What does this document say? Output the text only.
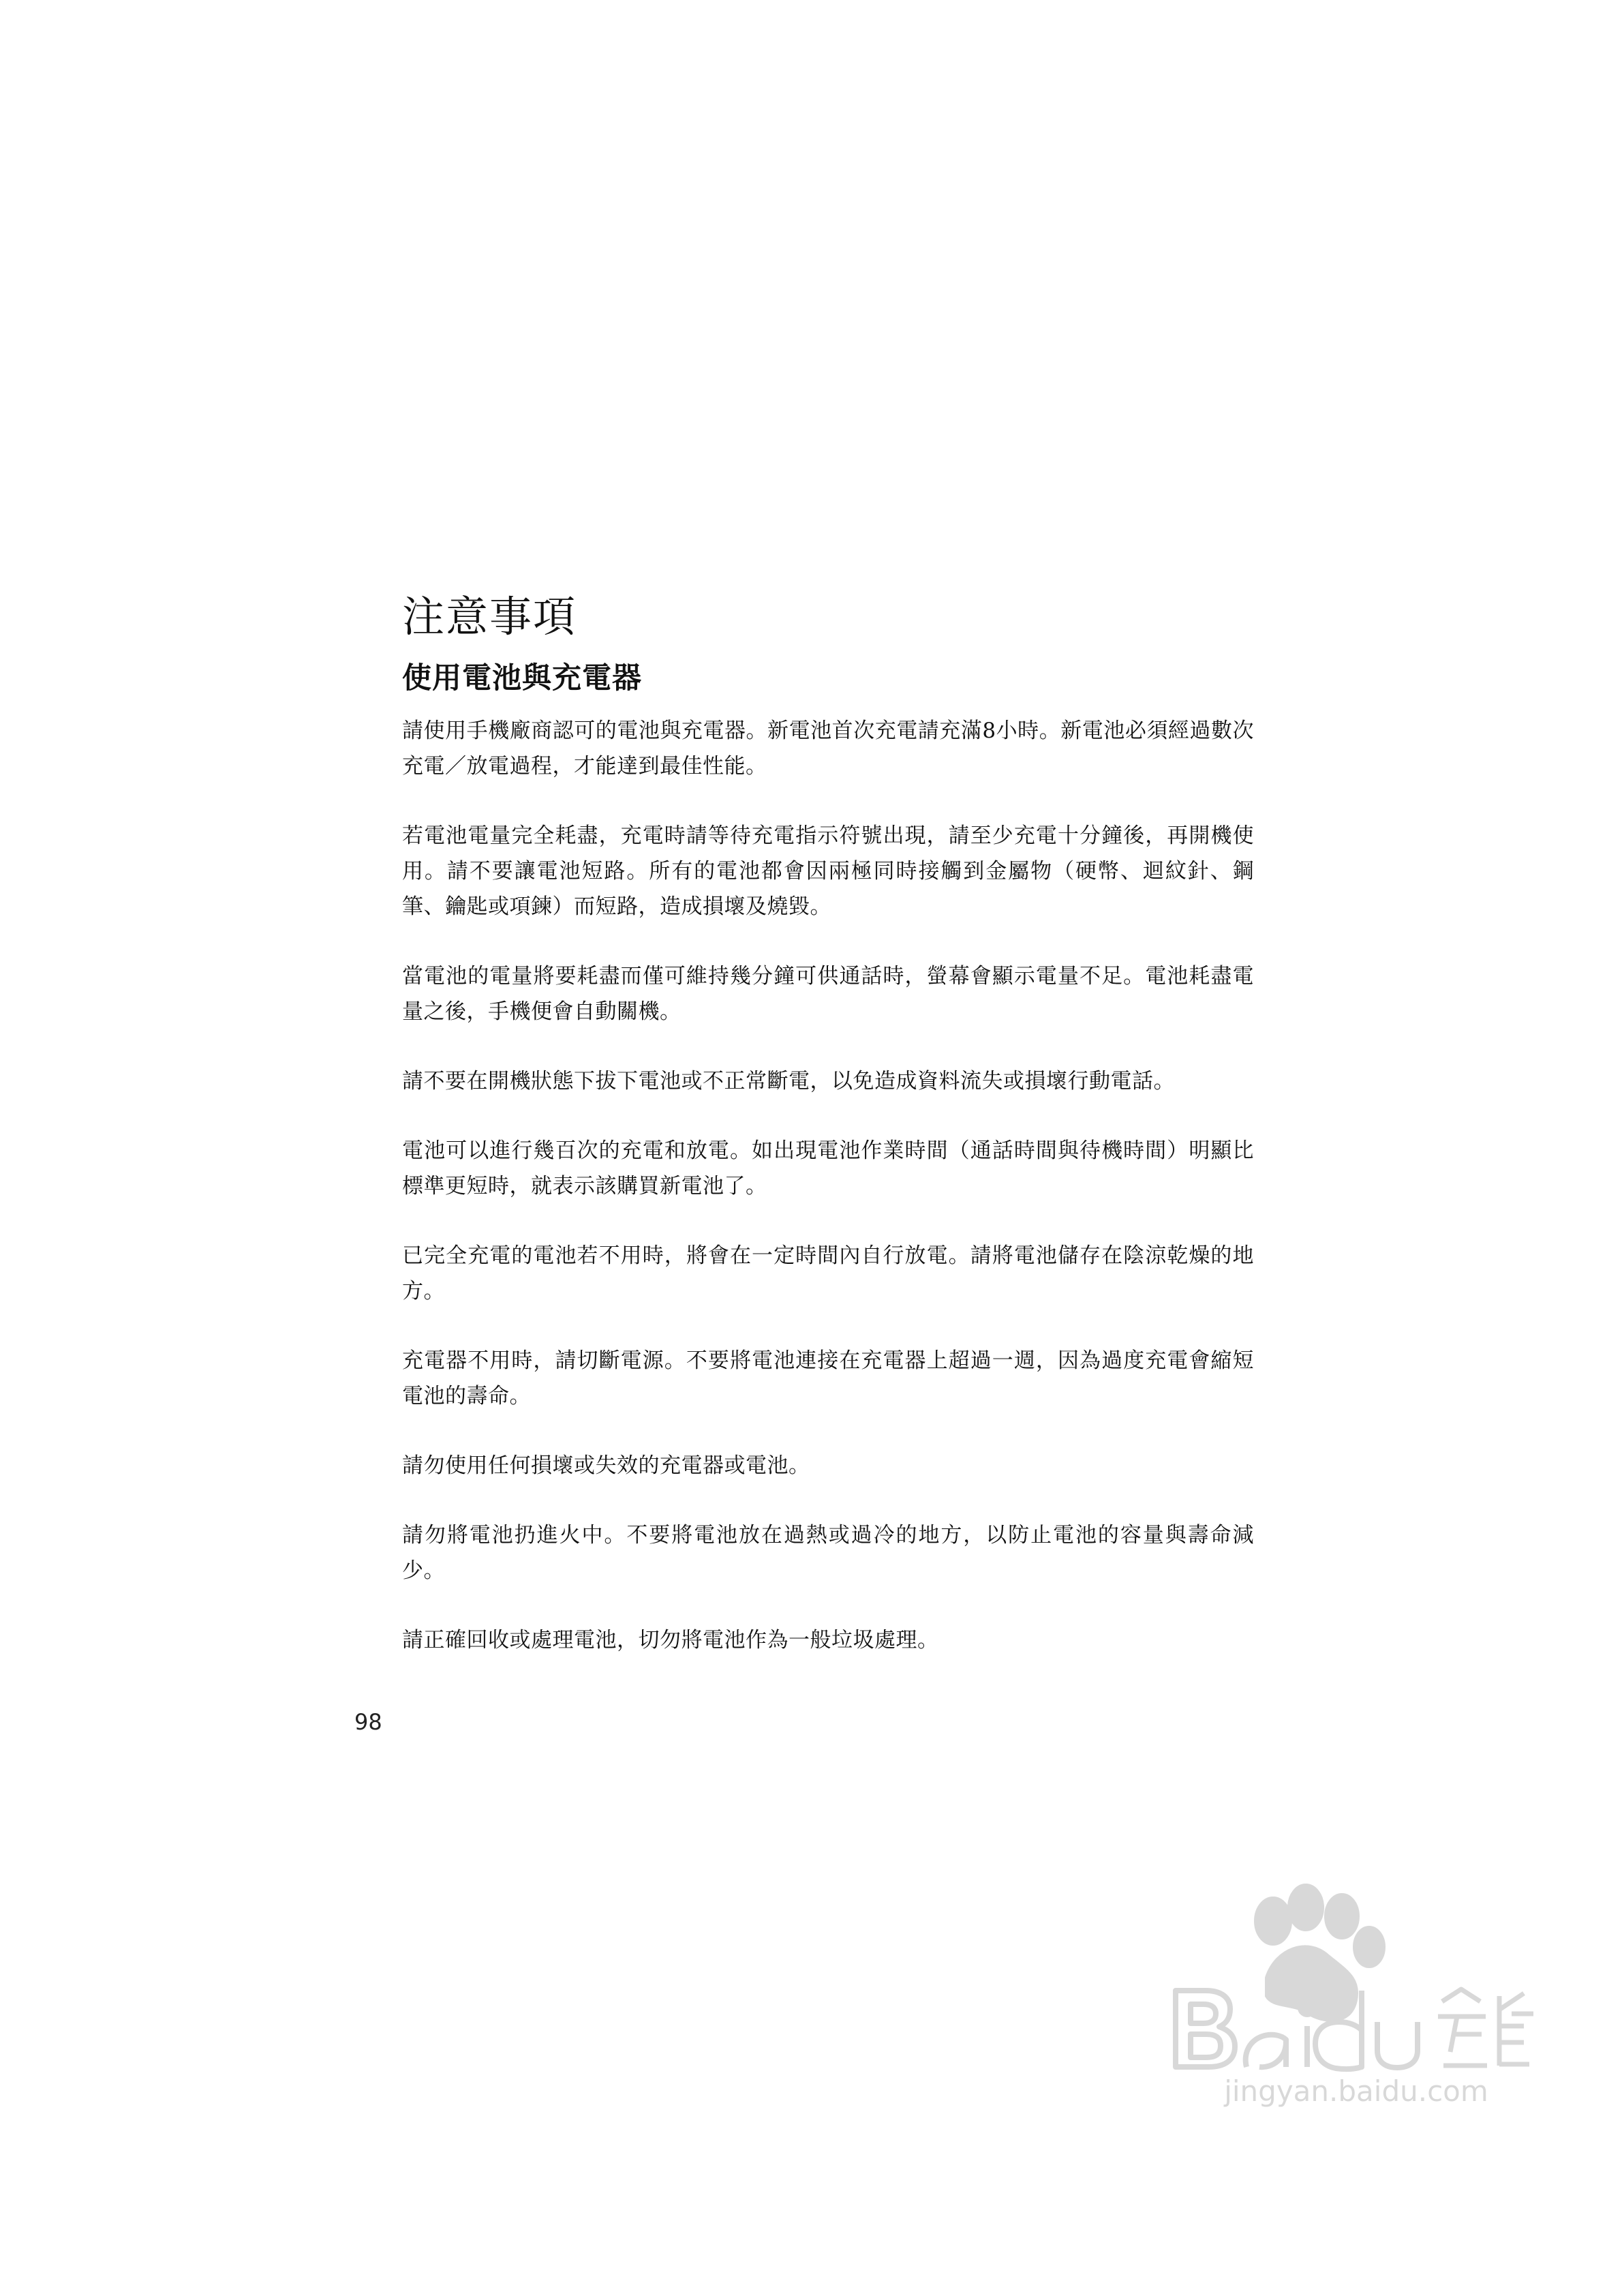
注意事項
使用電池與充電器

請使用手機廠商認可的電池與充電器。新電池首次充電請充滿8小時。新電池必須經過數次充電／放電過程，才能達到最佳性能。

若電池電量完全耗盡，充電時請等待充電指示符號出現，請至少充電十分鐘後，再開機使用。請不要讓電池短路。所有的電池都會因兩極同時接觸到金屬物（硬幣、迴紋針、鋼筆、鑰匙或項鍊）而短路，造成損壞及燒毀。

當電池的電量將要耗盡而僅可維持幾分鐘可供通話時，螢幕會顯示電量不足。電池耗盡電量之後，手機便會自動關機。

請不要在開機狀態下拔下電池或不正常斷電，以免造成資料流失或損壞行動電話。

電池可以進行幾百次的充電和放電。如出現電池作業時間（通話時間與待機時間）明顯比標準更短時，就表示該購買新電池了。

已完全充電的電池若不用時，將會在一定時間內自行放電。請將電池儲存在陰涼乾燥的地方。

充電器不用時，請切斷電源。不要將電池連接在充電器上超過一週，因為過度充電會縮短電池的壽命。

請勿使用任何損壞或失效的充電器或電池。

請勿將電池扔進火中。不要將電池放在過熱或過冷的地方，以防止電池的容量與壽命減少。

請正確回收或處理電池，切勿將電池作為一般垃圾處理。

98
jingyan.baidu.com
